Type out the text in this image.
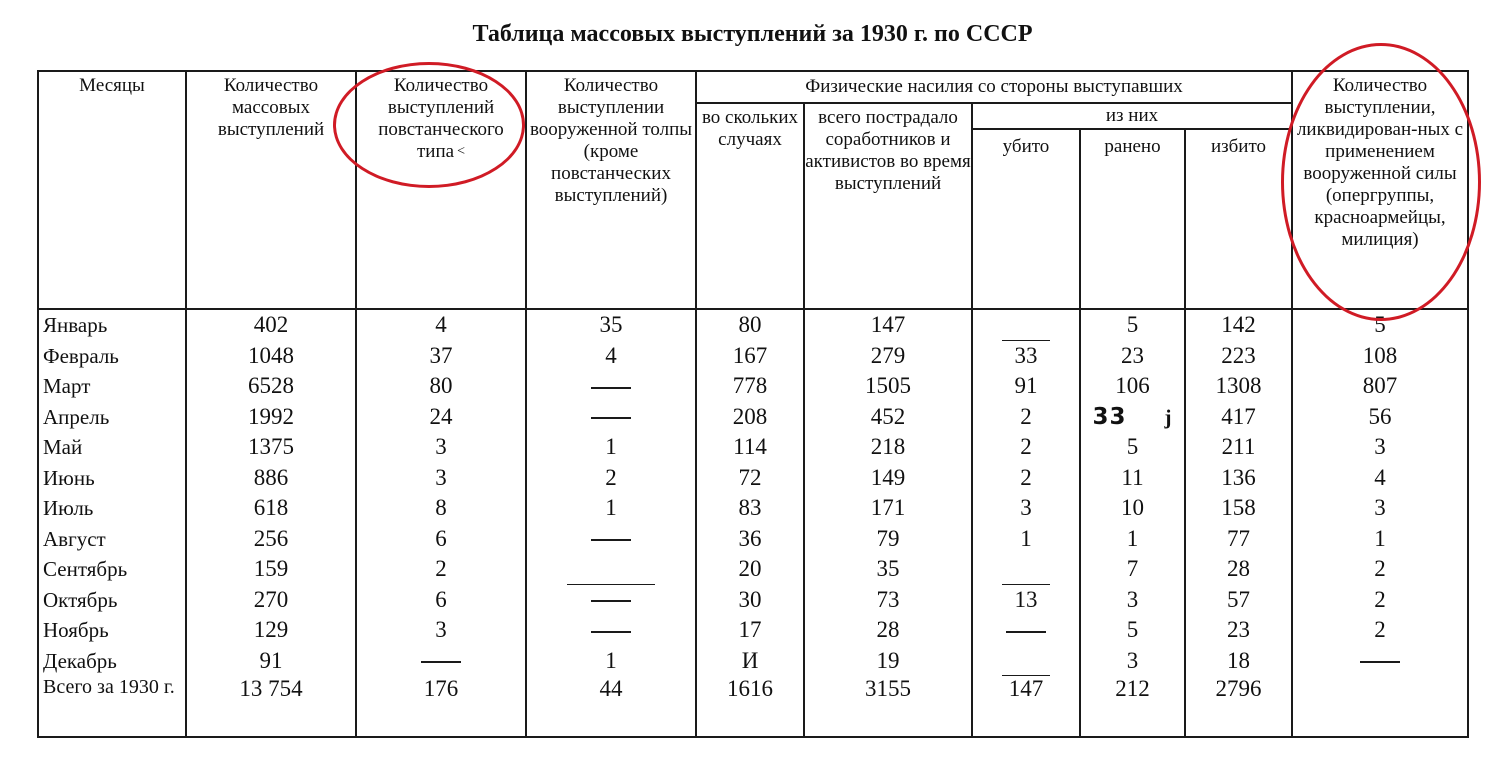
Таблица массовых выступлений за 1930 г. по СССР
Месяцы	Количество массовых выступлений	Количество выступлений повстанческого типа <	Количество выступлении вооруженной толпы (кроме повстанческих выступлений)	Физические насилия со стороны выступавших					Количество выступлении, ликвидирован-ных с применением вооруженной силы (опергруппы, красноармейцы, милиция)
				во скольких случаях	всего пострадало соработников и активистов во время выступлений	из них			
						убито	ранено	избито	
Январь	402	4	35	80	147		5	142	5
Февраль	1048	37	4	167	279	33	23	223	108
Март	6528	80		778	1505	91	106	1308	807
Апрель	1992	24		208	452	2	33 j	417	56
Май	1375	3	1	114	218	2	5	211	3
Июнь	886	3	2	72	149	2	11	136	4
Июль	618	8	1	83	171	3	10	158	3
Август	256	6		36	79	1	1	77	1
Сентябрь	159	2		20	35		7	28	2
Октябрь	270	6		30	73	13	3	57	2
Ноябрь	129	3		17	28		5	23	2
Декабрь	91		1	И	19		3	18	
Всего за 1930 г.	13 754	176	44	1616	3155	147	212	2796	
